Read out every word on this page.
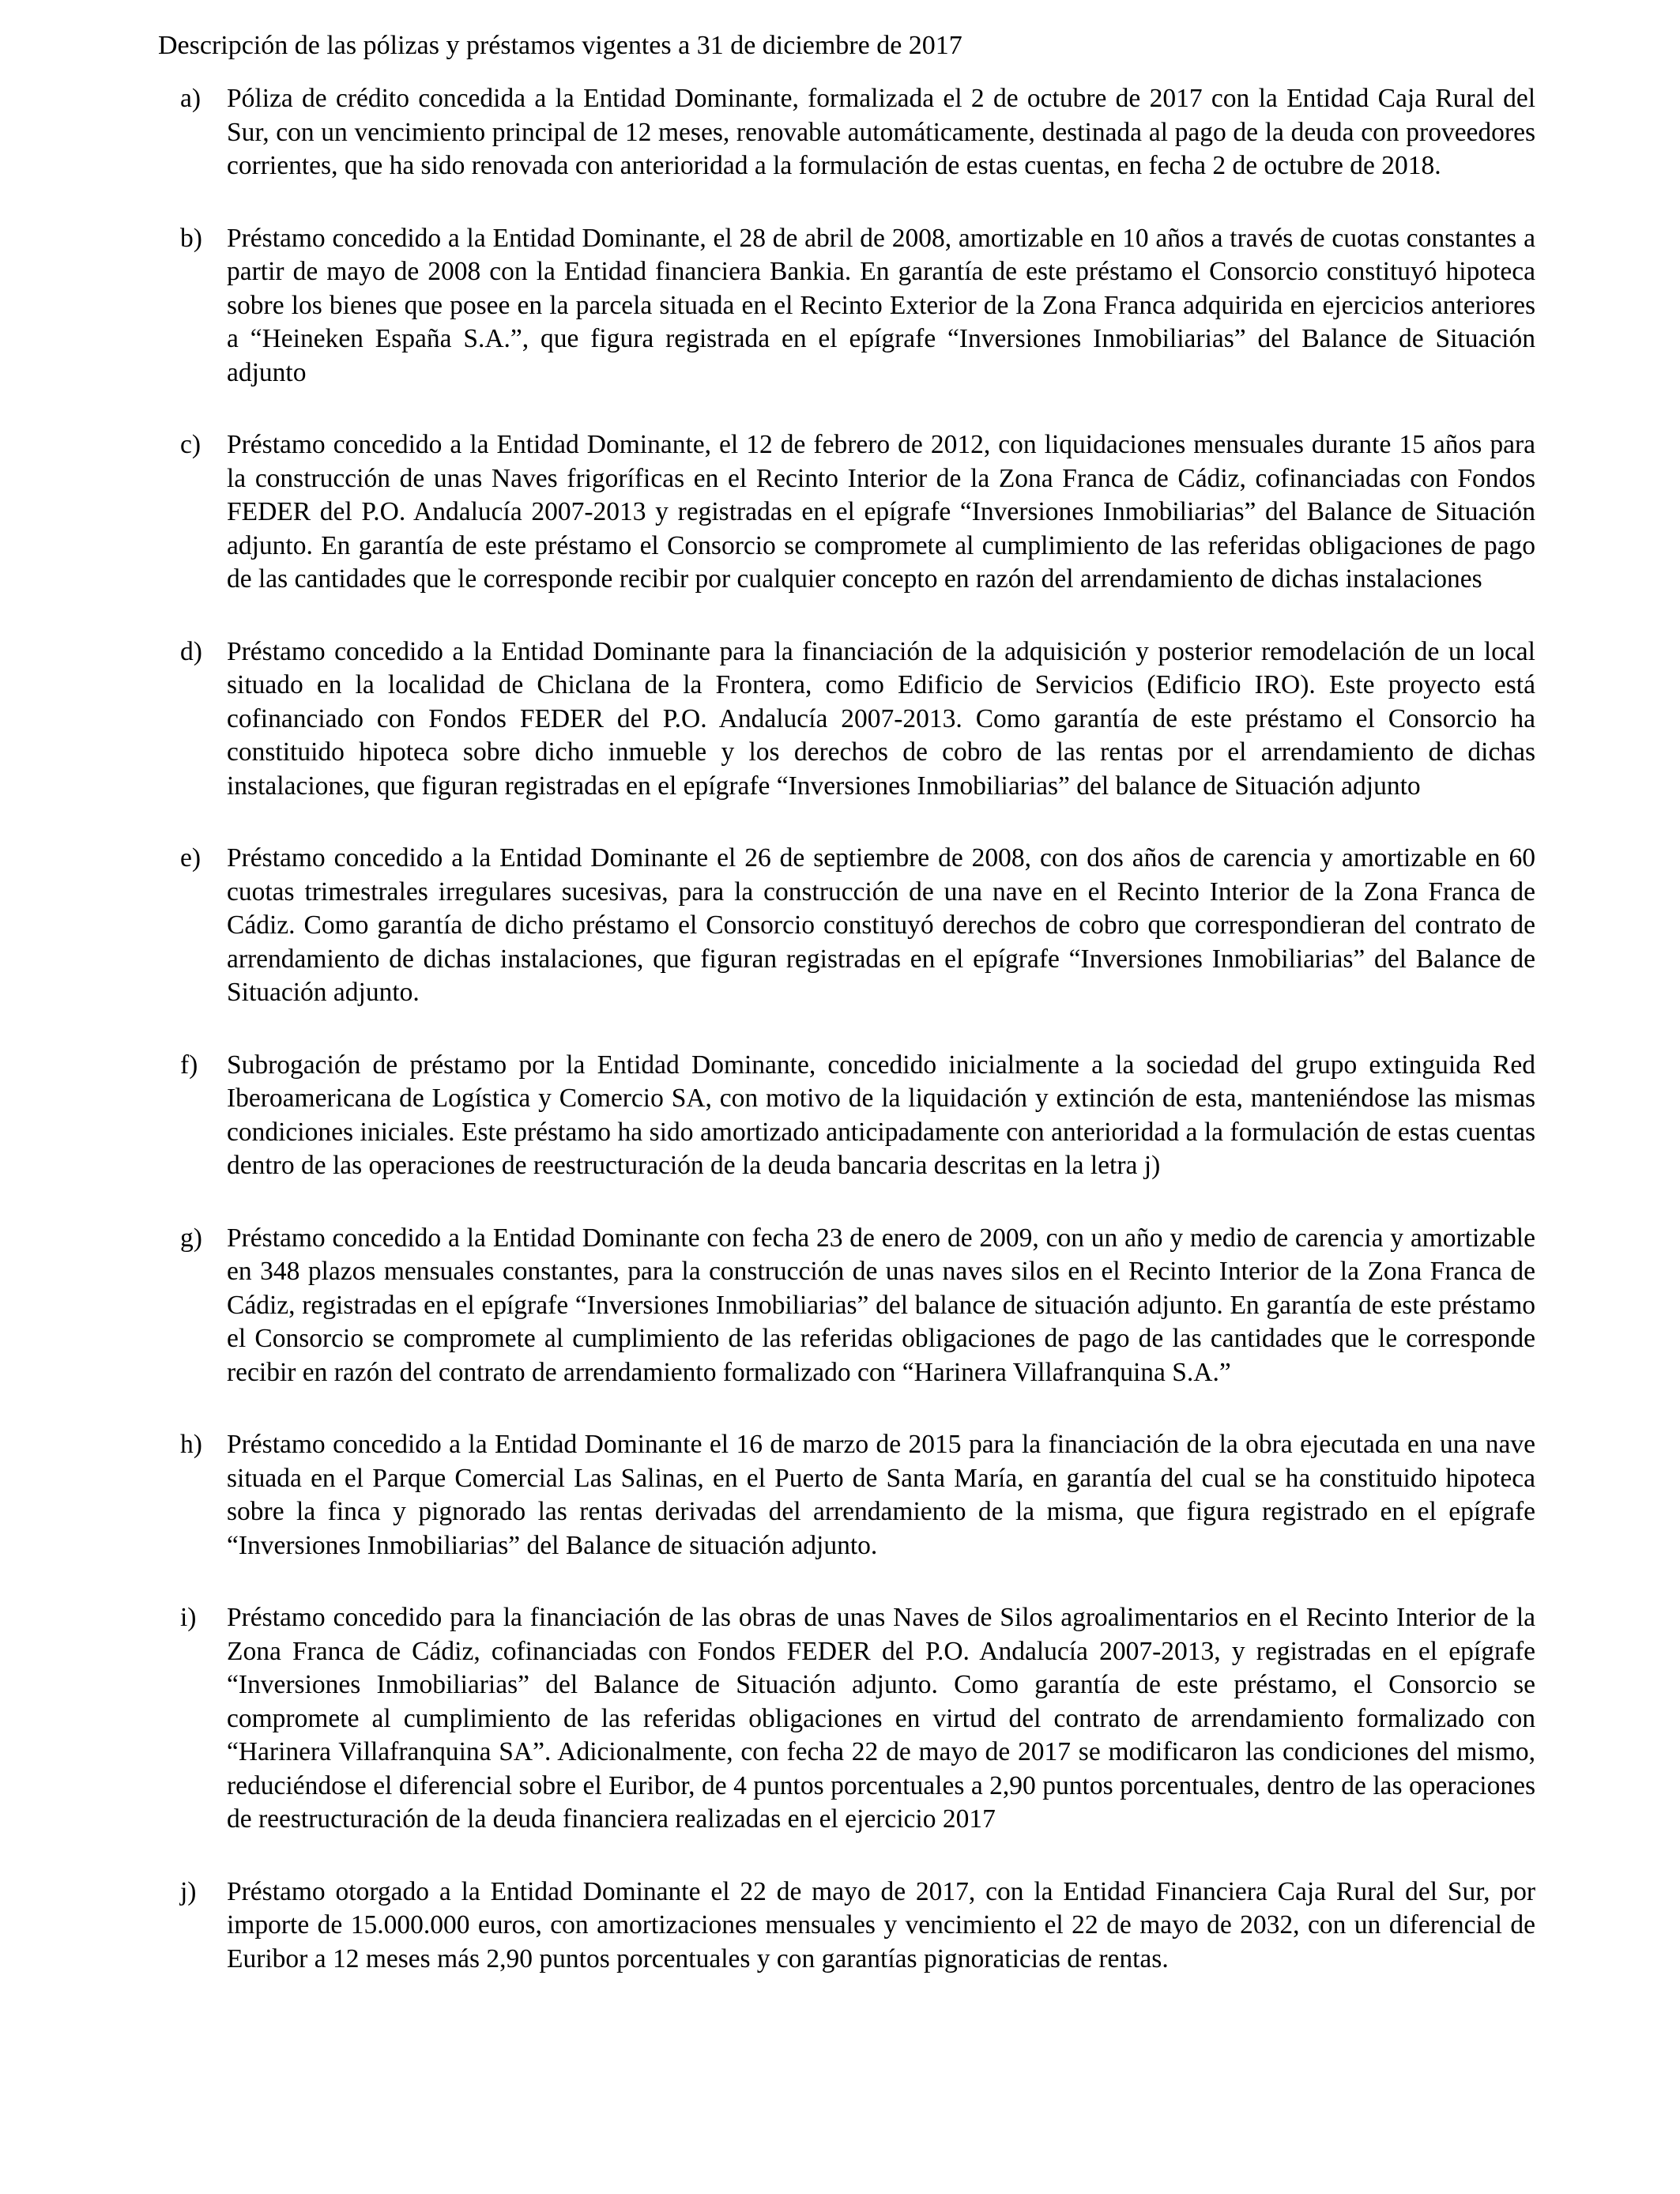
Descripción de las pólizas y préstamos vigentes a 31 de diciembre de 2017
a) Póliza de crédito concedida a la Entidad Dominante, formalizada el 2 de octubre de 2017 con la Entidad Caja Rural del Sur, con un vencimiento principal de 12 meses, renovable automáticamente, destinada al pago de la deuda con proveedores corrientes, que ha sido renovada con anterioridad a la formulación de estas cuentas, en fecha 2 de octubre de 2018.
b) Préstamo concedido a la Entidad Dominante, el 28 de abril de 2008, amortizable en 10 años a través de cuotas constantes a partir de mayo de 2008 con la Entidad financiera Bankia. En garantía de este préstamo el Consorcio constituyó hipoteca sobre los bienes que posee en la parcela situada en el Recinto Exterior de la Zona Franca adquirida en ejercicios anteriores a “Heineken España S.A.”, que figura registrada en el epígrafe “Inversiones Inmobiliarias” del Balance de Situación adjunto
c) Préstamo concedido a la Entidad Dominante, el 12 de febrero de 2012, con liquidaciones mensuales durante 15 años para la construcción de unas Naves frigoríficas en el Recinto Interior de la Zona Franca de Cádiz, cofinanciadas con Fondos FEDER del P.O. Andalucía 2007-2013 y registradas en el epígrafe “Inversiones Inmobiliarias” del Balance de Situación adjunto. En garantía de este préstamo el Consorcio se compromete al cumplimiento de las referidas obligaciones de pago de las cantidades que le corresponde recibir por cualquier concepto en razón del arrendamiento de dichas instalaciones
d) Préstamo concedido a la Entidad Dominante para la financiación de la adquisición y posterior remodelación de un local situado en la localidad de Chiclana de la Frontera, como Edificio de Servicios (Edificio IRO). Este proyecto está cofinanciado con Fondos FEDER del P.O. Andalucía 2007-2013. Como garantía de este préstamo el Consorcio ha constituido hipoteca sobre dicho inmueble y los derechos de cobro de las rentas por el arrendamiento de dichas instalaciones, que figuran registradas en el epígrafe “Inversiones Inmobiliarias” del balance de Situación adjunto
e) Préstamo concedido a la Entidad Dominante el 26 de septiembre de 2008, con dos años de carencia y amortizable en 60 cuotas trimestrales irregulares sucesivas, para la construcción de una nave en el Recinto Interior de la Zona Franca de Cádiz. Como garantía de dicho préstamo el Consorcio constituyó derechos de cobro que correspondieran del contrato de arrendamiento de dichas instalaciones, que figuran registradas en el epígrafe “Inversiones Inmobiliarias” del Balance de Situación adjunto.
f) Subrogación de préstamo por la Entidad Dominante, concedido inicialmente a la sociedad del grupo extinguida Red Iberoamericana de Logística y Comercio SA, con motivo de la liquidación y extinción de esta, manteniéndose las mismas condiciones iniciales. Este préstamo ha sido amortizado anticipadamente con anterioridad a la formulación de estas cuentas dentro de las operaciones de reestructuración de la deuda bancaria descritas en la letra j)
g) Préstamo concedido a la Entidad Dominante con fecha 23 de enero de 2009, con un año y medio de carencia y amortizable en 348 plazos mensuales constantes, para la construcción de unas naves silos en el Recinto Interior de la Zona Franca de Cádiz, registradas en el epígrafe “Inversiones Inmobiliarias” del balance de situación adjunto. En garantía de este préstamo el Consorcio se compromete al cumplimiento de las referidas obligaciones de pago de las cantidades que le corresponde recibir en razón del contrato de arrendamiento formalizado con “Harinera Villafranquina S.A.”
h) Préstamo concedido a la Entidad Dominante el 16 de marzo de 2015 para la financiación de la obra ejecutada en una nave situada en el Parque Comercial Las Salinas, en el Puerto de Santa María, en garantía del cual se ha constituido hipoteca sobre la finca y pignorado las rentas derivadas del arrendamiento de la misma, que figura registrado en el epígrafe “Inversiones Inmobiliarias” del Balance de situación adjunto.
i) Préstamo concedido para la financiación de las obras de unas Naves de Silos agroalimentarios en el Recinto Interior de la Zona Franca de Cádiz, cofinanciadas con Fondos FEDER del P.O. Andalucía 2007-2013, y registradas en el epígrafe “Inversiones Inmobiliarias” del Balance de Situación adjunto. Como garantía de este préstamo, el Consorcio se compromete al cumplimiento de las referidas obligaciones en virtud del contrato de arrendamiento formalizado con “Harinera Villafranquina SA”. Adicionalmente, con fecha 22 de mayo de 2017 se modificaron las condiciones del mismo, reduciéndose el diferencial sobre el Euribor, de 4 puntos porcentuales a 2,90 puntos porcentuales, dentro de las operaciones de reestructuración de la deuda financiera realizadas en el ejercicio 2017
j) Préstamo otorgado a la Entidad Dominante el 22 de mayo de 2017, con la Entidad Financiera Caja Rural del Sur, por importe de 15.000.000 euros, con amortizaciones mensuales y vencimiento el 22 de mayo de 2032, con un diferencial de Euribor a 12 meses más 2,90 puntos porcentuales y con garantías pignoraticias de rentas.
